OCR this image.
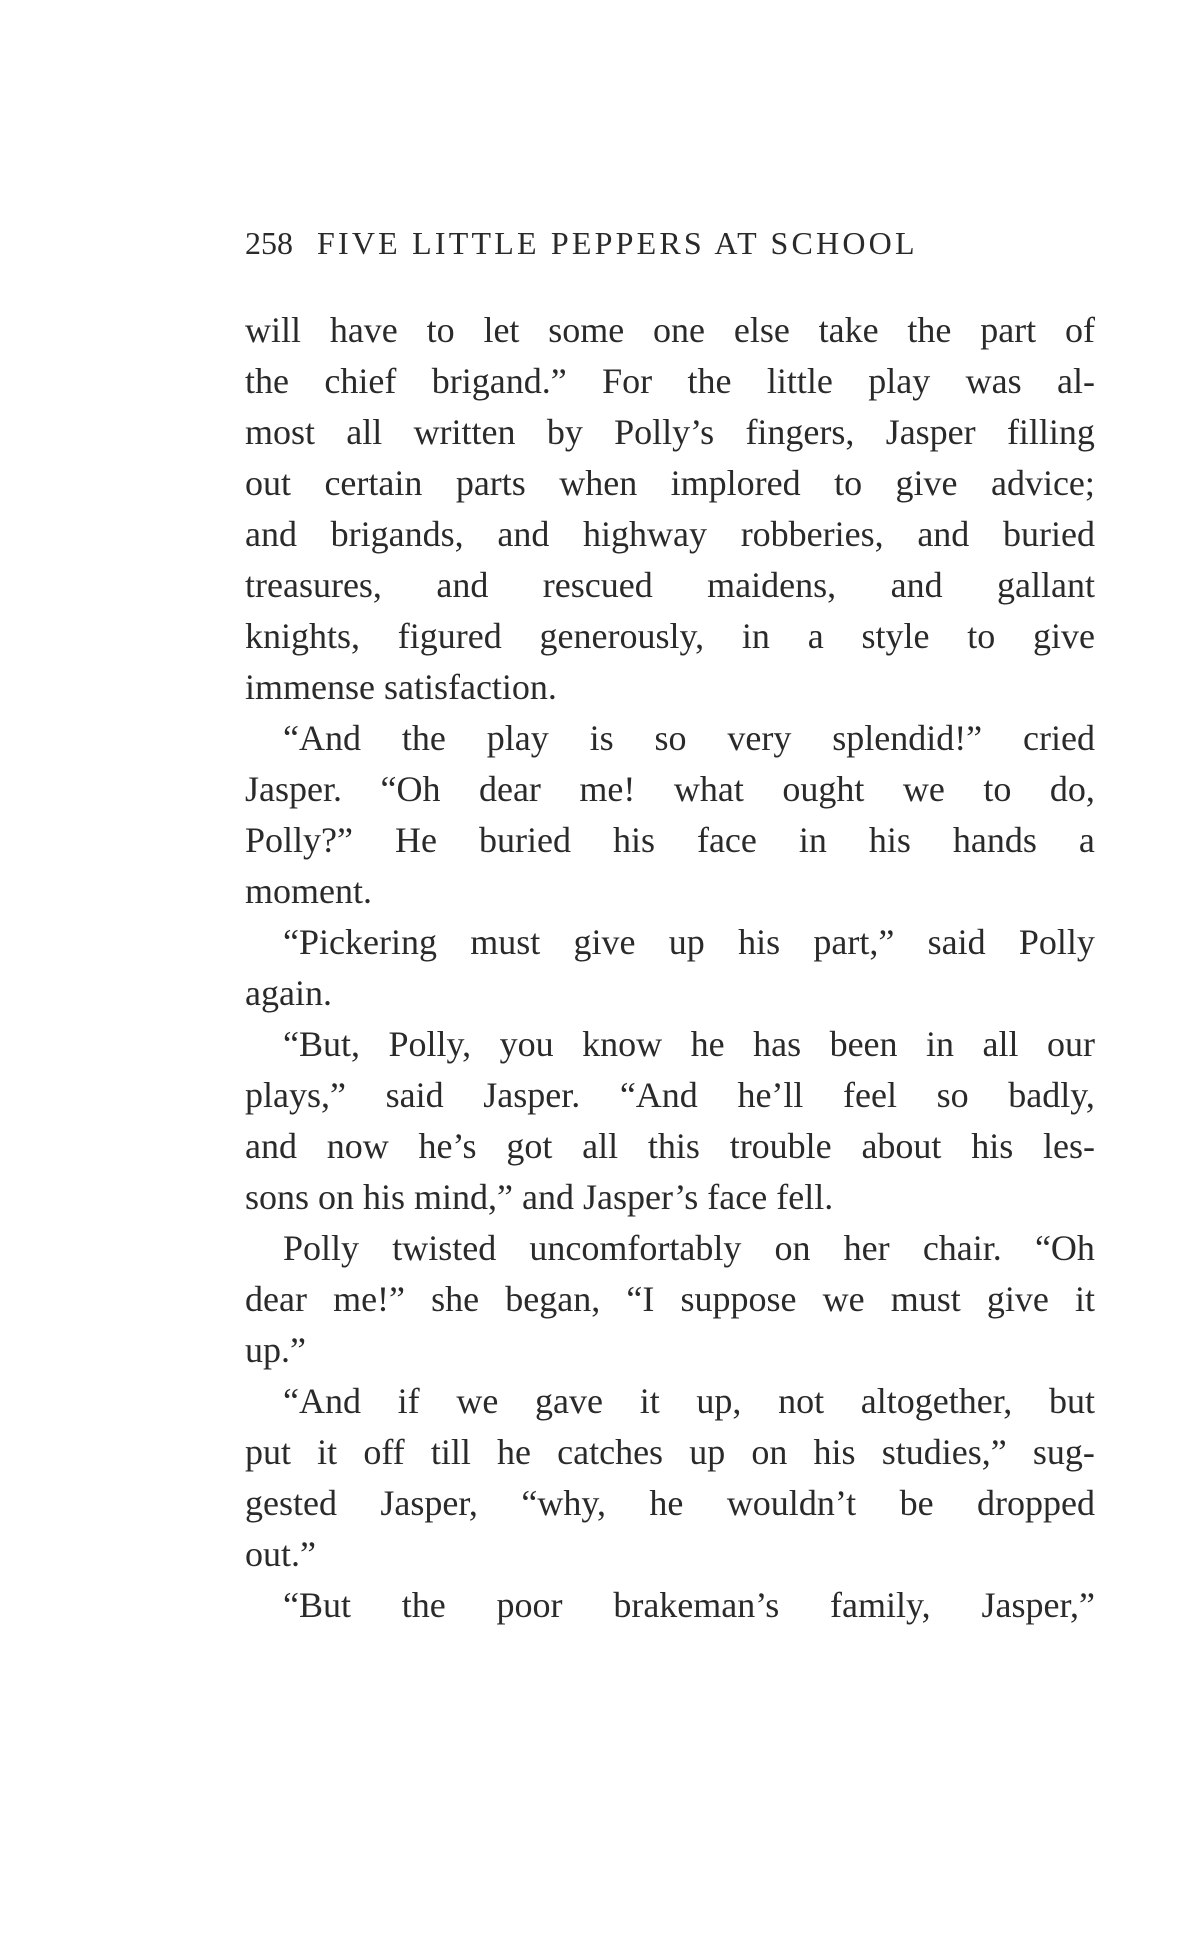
258 FIVE LITTLE PEPPERS AT SCHOOL
will have to let some one else take the part of
the chief brigand.” For the little play was al-
most all written by Polly’s fingers, Jasper filling
out certain parts when implored to give advice;
and brigands, and highway robberies, and buried
treasures, and rescued maidens, and gallant
knights, figured generously, in a style to give
immense satisfaction.
“And the play is so very splendid!” cried
Jasper. “Oh dear me! what ought we to do,
Polly?” He buried his face in his hands a
moment.
“Pickering must give up his part,” said Polly
again.
“But, Polly, you know he has been in all our
plays,” said Jasper. “And he’ll feel so badly,
and now he’s got all this trouble about his les-
sons on his mind,” and Jasper’s face fell.
Polly twisted uncomfortably on her chair. “Oh
dear me!” she began, “I suppose we must give it
up.”
“And if we gave it up, not altogether, but
put it off till he catches up on his studies,” sug-
gested Jasper, “why, he wouldn’t be dropped
out.”
“But the poor brakeman’s family, Jasper,”
